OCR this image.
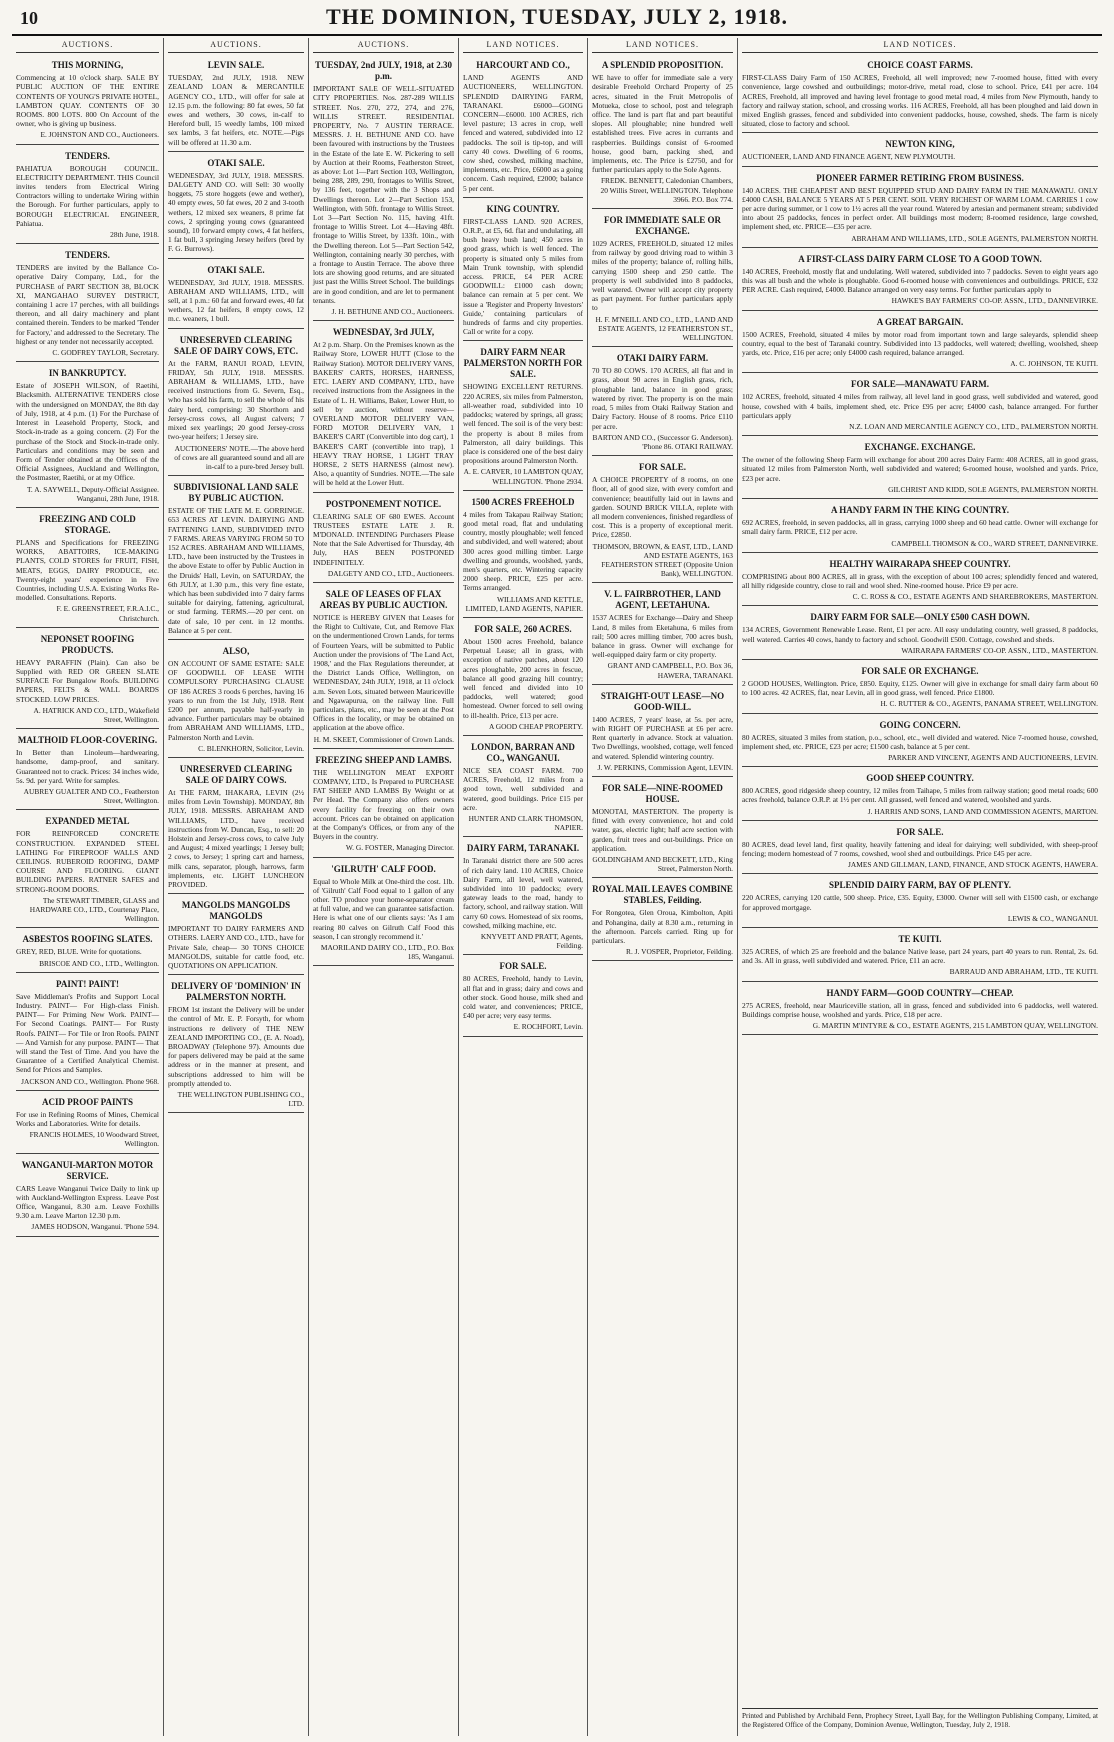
10	THE DOMINION, TUESDAY, JULY 2, 1918.
AUCTIONS.
THIS MORNING,

Commencing at 10 o'clock sharp. SALE BY PUBLIC AUCTION OF THE ENTIRE CONTENTS OF YOUNG'S PRIVATE HOTEL, LAMBTON QUAY. CONTENTS OF 30 ROOMS. 800 LOTS. 800 On Account of the owner, who is giving up business.

E. JOHNSTON AND CO., Auctioneers.
TENDERS.

PAHIATUA BOROUGH COUNCIL. ELECTRICITY DEPARTMENT. THIS Council invites tenders from Electrical Wiring Contractors willing to undertake Wiring within the Borough. For further particulars, apply to BOROUGH ELECTRICAL ENGINEER, Pahiatua.

28th June, 1918.
TENDERS.

TENDERS are invited by the Ballance Co-operative Dairy Company, Ltd., for the PURCHASE of PART SECTION 38, BLOCK XI, MANGAHAO SURVEY DISTRICT, containing 1 acre 17 perches, with all buildings thereon, and all dairy machinery and plant contained therein. Tenders to be marked 'Tender for Factory,' and addressed to the Secretary. The highest or any tender not necessarily accepted.

C. GODFREY TAYLOR, Secretary.
IN BANKRUPTCY.

Estate of JOSEPH WILSON, of Raetihi, Blacksmith. ALTERNATIVE TENDERS close with the undersigned on MONDAY, the 8th day of July, 1918, at 4 p.m. (1) For the Purchase of Interest in Leasehold Property, Stock, and Stock-in-trade as a going concern. (2) For the purchase of the Stock and Stock-in-trade only. Particulars and conditions may be seen and Form of Tender obtained at the Offices of the Official Assignees, Auckland and Wellington, the Postmaster, Raetihi, or at my Office.

T. A. SAYWELL, Deputy-Official Assignee. Wanganui, 28th June, 1918.
FREEZING AND COLD STORAGE.

PLANS and Specifications for FREEZING WORKS, ABATTOIRS, ICE-MAKING PLANTS, COLD STORES for FRUIT, FISH, MEATS, EGGS, DAIRY PRODUCE, etc. Twenty-eight years' experience in Five Countries, including U.S.A. Existing Works Re-modelled. Consultations. Reports.

F. E. GREENSTREET, F.R.A.I.C., Christchurch.
NEPONSET ROOFING PRODUCTS.

HEAVY PARAFFIN (Plain). Can also be Supplied with RED OR GREEN SLATE SURFACE For Bungalow Roofs. BUILDING PAPERS, FELTS & WALL BOARDS STOCKED. LOW PRICES.

A. HATRICK AND CO., LTD., Wakefield Street, Wellington.
MALTHOID FLOOR-COVERING.

In Better than Linoleum—hardwearing, handsome, damp-proof, and sanitary. Guaranteed not to crack. Prices: 34 inches wide, 5s. 9d. per yard. Write for samples.

AUBREY GUALTER AND CO., Featherston Street, Wellington.
EXPANDED METAL

FOR REINFORCED CONCRETE CONSTRUCTION. EXPANDED STEEL LATHING For FIREPROOF WALLS AND CEILINGS. RUBEROID ROOFING, DAMP COURSE AND FLOORING. GIANT BUILDING PAPERS. RATNER SAFES and STRONG-ROOM DOORS.

The STEWART TIMBER, GLASS and HARDWARE CO., LTD., Courtenay Place, Wellington.
ASBESTOS ROOFING SLATES.

GREY, RED, BLUE. Write for quotations.

BRISCOE AND CO., LTD., Wellington.
PAINT! PAINT!

Save Middleman's Profits and Support Local Industry. PAINT— For High-class Finish. PAINT— For Priming New Work. PAINT— For Second Coatings. PAINT— For Rusty Roofs. PAINT— For Tile or Iron Roofs. PAINT— And Varnish for any purpose. PAINT— That will stand the Test of Time. And you have the Guarantee of a Certified Analytical Chemist. Send for Prices and Samples.

JACKSON AND CO., Wellington. Phone 968.
ACID PROOF PAINTS

For use in Refining Rooms of Mines, Chemical Works and Laboratories. Write for details.

FRANCIS HOLMES, 10 Woodward Street, Wellington.
WANGANUI-MARTON MOTOR SERVICE.

CARS Leave Wanganui Twice Daily to link up with Auckland-Wellington Express. Leave Post Office, Wanganui, 8.30 a.m. Leave Foxhills 9.30 a.m. Leave Marton 12.30 p.m.

JAMES HODSON, Wanganui. 'Phone 594.
AUCTIONS.
LEVIN SALE.

TUESDAY, 2nd JULY, 1918. NEW ZEALAND LOAN & MERCANTILE AGENCY CO., LTD., will offer for sale at 12.15 p.m. the following: 80 fat ewes, 50 fat ewes and wethers, 30 cows, in-calf to Hereford bull, 15 weedly lambs, 100 mixed sex lambs, 3 fat heifers, etc. NOTE.—Pigs will be offered at 11.30 a.m.

OTAKI SALE.

WEDNESDAY, 3rd JULY, 1918. MESSRS. DALGETY AND CO. will Sell: 30 woolly hoggets, 75 store hoggets (ewe and wether), 40 empty ewes, 50 fat ewes, 20 2 and 3-tooth wethers, 12 mixed sex weaners, 8 prime fat cows, 2 springing young cows (guaranteed sound), 10 forward empty cows, 4 fat heifers, 1 fat bull, 3 springing Jersey heifers (bred by F. G. Burrows).

OTAKI SALE.

WEDNESDAY, 3rd JULY, 1918. MESSRS. ABRAHAM AND WILLIAMS, LTD., will sell, at 1 p.m.: 60 fat and forward ewes, 40 fat wethers, 12 fat heifers, 8 empty cows, 12 m.c. weaners, 1 bull.

UNRESERVED CLEARING SALE OF DAIRY COWS, ETC.

At the FARM, RANUI ROAD, LEVIN, FRIDAY, 5th JULY, 1918. MESSRS. ABRAHAM & WILLIAMS, LTD., have received instructions from G. Severn, Esq., who has sold his farm, to sell the whole of his dairy herd, comprising: 30 Shorthorn and Jersey-cross cows, all August calvers; 7 mixed sex yearlings; 20 good Jersey-cross two-year heifers; 1 Jersey sire.

AUCTIONEERS' NOTE.—The above herd of cows are all guaranteed sound and all are in-calf to a pure-bred Jersey bull.
SUBDIVISIONAL LAND SALE BY PUBLIC AUCTION.

ESTATE OF THE LATE M. E. GORRINGE. 653 ACRES AT LEVIN. DAIRYING AND FATTENING LAND, SUBDIVIDED INTO 7 FARMS. AREAS VARYING FROM 50 TO 152 ACRES. ABRAHAM AND WILLIAMS, LTD., have been instructed by the Trustees in the above Estate to offer by Public Auction in the Druids' Hall, Levin, on SATURDAY, the 6th JULY, at 1.30 p.m., this very fine estate, which has been subdivided into 7 dairy farms suitable for dairying, fattening, agricultural, or stud farming. TERMS.—20 per cent. on date of sale, 10 per cent. in 12 months. Balance at 5 per cent.

ALSO,

ON ACCOUNT OF SAME ESTATE: SALE OF GOODWILL OF LEASE WITH COMPULSORY PURCHASING CLAUSE OF 186 ACRES 3 roods 6 perches, having 16 years to run from the 1st July, 1918. Rent £200 per annum, payable half-yearly in advance. Further particulars may be obtained from ABRAHAM AND WILLIAMS, LTD., Palmerston North and Levin.

C. BLENKHORN, Solicitor, Levin.
UNRESERVED CLEARING SALE OF DAIRY COWS.

At THE FARM, IHAKARA, LEVIN (2½ miles from Levin Township). MONDAY, 8th JULY, 1918. MESSRS. ABRAHAM AND WILLIAMS, LTD., have received instructions from W. Duncan, Esq., to sell: 20 Holstein and Jersey-cross cows, to calve July and August; 4 mixed yearlings; 1 Jersey bull; 2 cows, to Jersey; 1 spring cart and harness, milk cans, separator, plough, harrows, farm implements, etc. LIGHT LUNCHEON PROVIDED.

MANGOLDS MANGOLDS MANGOLDS

IMPORTANT TO DAIRY FARMERS AND OTHERS. LAERY AND CO., LTD., have for Private Sale, cheap— 30 TONS CHOICE MANGOLDS, suitable for cattle food, etc. QUOTATIONS ON APPLICATION.

DELIVERY OF 'DOMINION' IN PALMERSTON NORTH.

FROM 1st instant the Delivery will be under the control of Mr. E. P. Forsyth, for whom instructions re delivery of THE NEW ZEALAND IMPORTING CO., (E. A. Noad), BROADWAY (Telephone 97). Amounts due for papers delivered may be paid at the same address or in the manner at present, and subscriptions addressed to him will be promptly attended to.

THE WELLINGTON PUBLISHING CO., LTD.
AUCTIONS.
TUESDAY, 2nd JULY, 1918, at 2.30 p.m.

IMPORTANT SALE OF WELL-SITUATED CITY PROPERTIES. Nos. 287-289 WILLIS STREET. Nos. 270, 272, 274, and 276, WILLIS STREET. RESIDENTIAL PROPERTY, No. 7 AUSTIN TERRACE. MESSRS. J. H. BETHUNE AND CO. have been favoured with instructions by the Trustees in the Estate of the late E. W. Pickering to sell by Auction at their Rooms, Featherston Street, as above: Lot 1—Part Section 103, Wellington, being 288, 289, 290, frontages to Willis Street, by 136 feet, together with the 3 Shops and Dwellings thereon. Lot 2—Part Section 153, Wellington, with 50ft. frontage to Willis Street. Lot 3—Part Section No. 115, having 41ft. frontage to Willis Street. Lot 4—Having 48ft. frontage to Willis Street, by 133ft. 10in., with the Dwelling thereon. Lot 5—Part Section 542, Wellington, containing nearly 30 perches, with a frontage to Austin Terrace. The above three lots are showing good returns, and are situated just past the Willis Street School. The buildings are in good condition, and are let to permanent tenants.

J. H. BETHUNE AND CO., Auctioneers.
WEDNESDAY, 3rd JULY,

At 2 p.m. Sharp. On the Premises known as the Railway Store, LOWER HUTT (Close to the Railway Station). MOTOR DELIVERY VANS, BAKERS' CARTS, HORSES, HARNESS, ETC. LAERY AND COMPANY, LTD., have received instructions from the Assignees in the Estate of L. H. Williams, Baker, Lower Hutt, to sell by auction, without reserve— OVERLAND MOTOR DELIVERY VAN, FORD MOTOR DELIVERY VAN, 1 BAKER'S CART (Convertible into dog cart), 1 BAKER'S CART (convertible into trap), 1 HEAVY TRAY HORSE, 1 LIGHT TRAY HORSE, 2 SETS HARNESS (almost new). Also, a quantity of Sundries. NOTE.—The sale will be held at the Lower Hutt.

POSTPONEMENT NOTICE.

CLEARING SALE OF 680 EWES. Account TRUSTEES ESTATE LATE J. R. M'DONALD. INTENDING Purchasers Please Note that the Sale Advertised for Thursday, 4th July, HAS BEEN POSTPONED INDEFINITELY.

DALGETY AND CO., LTD., Auctioneers.
SALE OF LEASES OF FLAX AREAS BY PUBLIC AUCTION.

NOTICE is HEREBY GIVEN that Leases for the Right to Cultivate, Cut, and Remove Flax on the undermentioned Crown Lands, for terms of Fourteen Years, will be submitted to Public Auction under the provisions of 'The Land Act, 1908,' and the Flax Regulations thereunder, at the District Lands Office, Wellington, on WEDNESDAY, 24th JULY, 1918, at 11 o'clock a.m. Seven Lots, situated between Mauriceville and Ngawapurua, on the railway line. Full particulars, plans, etc., may be seen at the Post Offices in the locality, or may be obtained on application at the above office.

H. M. SKEET, Commissioner of Crown Lands.
FREEZING SHEEP AND LAMBS.

THE WELLINGTON MEAT EXPORT COMPANY, LTD., Is Prepared to PURCHASE FAT SHEEP AND LAMBS By Weight or at Per Head. The Company also offers owners every facility for freezing on their own account. Prices can be obtained on application at the Company's Offices, or from any of the Buyers in the country.

W. G. FOSTER, Managing Director.
'GILRUTH' CALF FOOD.

Equal to Whole Milk at One-third the cost. 1lb. of 'Gilruth' Calf Food equal to 1 gallon of any other. TO produce your home-separator cream at full value, and we can guarantee satisfaction. Here is what one of our clients says: 'As I am rearing 80 calves on Gilruth Calf Food this season, I can strongly recommend it.'

MAORILAND DAIRY CO., LTD., P.O. Box 185, Wanganui.
LAND NOTICES.
HARCOURT AND CO.,

LAND AGENTS AND AUCTIONEERS, WELLINGTON. SPLENDID DAIRYING FARM, TARANAKI. £6000—GOING CONCERN—£6000. 100 ACRES, rich level pasture; 13 acres in crop, well fenced and watered, subdivided into 12 paddocks. The soil is tip-top, and will carry 40 cows. Dwelling of 6 rooms, cow shed, cowshed, milking machine, implements, etc. Price, £6000 as a going concern. Cash required, £2000; balance 5 per cent.

KING COUNTRY.

FIRST-CLASS LAND. 920 ACRES, O.R.P., at £5, 6d. flat and undulating, all bush heavy bush land; 450 acres in good grass, which is well fenced. The property is situated only 5 miles from Main Trunk township, with splendid access. PRICE, £4 PER ACRE GOODWILL: £1000 cash down; balance can remain at 5 per cent. We issue a 'Register and Property Investors' Guide,' containing particulars of hundreds of farms and city properties. Call or write for a copy.

DAIRY FARM NEAR PALMERSTON NORTH FOR SALE.

SHOWING EXCELLENT RETURNS. 220 ACRES, six miles from Palmerston, all-weather road, subdivided into 10 paddocks; watered by springs, all grass; well fenced. The soil is of the very best: the property is about 8 miles from Palmerston, all dairy buildings. This place is considered one of the best dairy propositions around Palmerston North.

A. E. CARVER, 10 LAMBTON QUAY, WELLINGTON. 'Phone 2934.
1500 ACRES FREEHOLD

4 miles from Takapau Railway Station; good metal road, flat and undulating country, mostly ploughable; well fenced and subdivided, and well watered; about 300 acres good milling timber. Large dwelling and grounds, woolshed, yards, men's quarters, etc. Wintering capacity 2000 sheep. PRICE, £25 per acre. Terms arranged.

WILLIAMS AND KETTLE, LIMITED, LAND AGENTS, NAPIER.
FOR SALE, 260 ACRES.

About 1500 acres Freehold, balance Perpetual Lease; all in grass, with exception of native patches, about 120 acres ploughable, 200 acres in fescue, balance all good grazing hill country; well fenced and divided into 10 paddocks, well watered; good homestead. Owner forced to sell owing to ill-health. Price, £13 per acre.

A GOOD CHEAP PROPERTY.
LONDON, BARRAN AND CO., WANGANUI.

NICE SEA COAST FARM. 700 ACRES, Freehold, 12 miles from a good town, well subdivided and watered, good buildings. Price £15 per acre.

HUNTER AND CLARK THOMSON, NAPIER.
DAIRY FARM, TARANAKI.

In Taranaki district there are 500 acres of rich dairy land. 110 ACRES, Choice Dairy Farm, all level, well watered, subdivided into 10 paddocks; every gateway leads to the road, handy to factory, school, and railway station. Will carry 60 cows. Homestead of six rooms, cowshed, milking machine, etc.

KNYVETT AND PRATT, Agents, Feilding.
FOR SALE.

80 ACRES, Freehold, handy to Levin, all flat and in grass; dairy and cows and other stock. Good house, milk shed and cold water, and conveniences; PRICE, £40 per acre; very easy terms.

E. ROCHFORT, Levin.
LAND NOTICES.
A SPLENDID PROPOSITION.

WE have to offer for immediate sale a very desirable Freehold Orchard Property of 25 acres, situated in the Fruit Metropolis of Motueka, close to school, post and telegraph office. The land is part flat and part beautiful slopes. All ploughable; nine hundred well established trees. Five acres in currants and raspberries. Buildings consist of 6-roomed house, good barn, packing shed, and implements, etc. The Price is £2750, and for further particulars apply to the Sole Agents.

FREDK. BENNETT, Caledonian Chambers, 20 Willis Street, WELLINGTON. Telephone 3966. P.O. Box 774.
FOR IMMEDIATE SALE OR EXCHANGE.

1029 ACRES, FREEHOLD, situated 12 miles from railway by good driving road to within 3 miles of the property; balance of, rolling hills, carrying 1500 sheep and 250 cattle. The property is well subdivided into 8 paddocks, well watered. Owner will accept city property as part payment. For further particulars apply to

H. F. M'NEILL AND CO., LTD., LAND AND ESTATE AGENTS, 12 FEATHERSTON ST., WELLINGTON.
OTAKI DAIRY FARM.

70 TO 80 COWS. 170 ACRES, all flat and in grass, about 90 acres in English grass, rich, ploughable land, balance in good grass; watered by river. The property is on the main road, 5 miles from Otaki Railway Station and Dairy Factory. House of 8 rooms. Price £110 per acre.

BARTON AND CO., (Successor G. Anderson). 'Phone 86. OTAKI RAILWAY.
FOR SALE.

A CHOICE PROPERTY of 8 rooms, on one floor, all of good size, with every comfort and convenience; beautifully laid out in lawns and garden. SOUND BRICK VILLA, replete with all modern conveniences, finished regardless of cost. This is a property of exceptional merit. Price, £2850.

THOMSON, BROWN, & EAST, LTD., LAND AND ESTATE AGENTS, 163 FEATHERSTON STREET (Opposite Union Bank), WELLINGTON.
V. L. FAIRBROTHER, LAND AGENT, LEETAHUNA.

1537 ACRES for Exchange—Dairy and Sheep Land, 8 miles from Eketahuna, 6 miles from rail; 500 acres milling timber, 700 acres bush, balance in grass. Owner will exchange for well-equipped dairy farm or city property.

GRANT AND CAMPBELL, P.O. Box 36, HAWERA, TARANAKI.
STRAIGHT-OUT LEASE—NO GOOD-WILL.

1400 ACRES, 7 years' lease, at 5s. per acre, with RIGHT OF PURCHASE at £6 per acre. Rent quarterly in advance. Stock at valuation. Two Dwellings, woolshed, cottage, well fenced and watered. Splendid wintering country.

J. W. PERKINS, Commission Agent, LEVIN.
FOR SALE—NINE-ROOMED HOUSE.

MONOTAI, MASTERTON. The property is fitted with every convenience, hot and cold water, gas, electric light; half acre section with garden, fruit trees and out-buildings. Price on application.

GOLDINGHAM AND BECKETT, LTD., King Street, Palmerston North.
ROYAL MAIL LEAVES COMBINE STABLES, Feilding.

For Rongotea, Glen Oroua, Kimbolton, Apiti and Pohangina, daily at 8.30 a.m., returning in the afternoon. Parcels carried. Ring up for particulars.

R. J. VOSPER, Proprietor, Feilding.
LAND NOTICES.
CHOICE COAST FARMS.

FIRST-CLASS Dairy Farm of 150 ACRES, Freehold, all well improved; new 7-roomed house, fitted with every convenience, large cowshed and outbuildings; motor-drive, metal road, close to school. Price, £41 per acre. 104 ACRES, Freehold, all improved and having level frontage to good metal road, 4 miles from New Plymouth, handy to factory and railway station, school, and crossing works. 116 ACRES, Freehold, all has been ploughed and laid down in mixed English grasses, fenced and subdivided into convenient paddocks, house, cowshed, sheds. The farm is nicely situated, close to factory and school.

NEWTON KING,

AUCTIONEER, LAND AND FINANCE AGENT, NEW PLYMOUTH.

PIONEER FARMER RETIRING FROM BUSINESS.

140 ACRES. THE CHEAPEST AND BEST EQUIPPED STUD AND DAIRY FARM IN THE MANAWATU. ONLY £4000 CASH, BALANCE 5 YEARS AT 5 PER CENT. SOIL VERY RICHEST OF WARM LOAM. CARRIES 1 cow per acre during summer, or 1 cow to 1½ acres all the year round. Watered by artesian and permanent stream; subdivided into about 25 paddocks, fences in perfect order. All buildings most modern; 8-roomed residence, large cowshed, implement shed, etc. PRICE—£35 per acre.

ABRAHAM AND WILLIAMS, LTD., SOLE AGENTS, PALMERSTON NORTH.
A FIRST-CLASS DAIRY FARM CLOSE TO A GOOD TOWN.

140 ACRES, Freehold, mostly flat and undulating. Well watered, subdivided into 7 paddocks. Seven to eight years ago this was all bush and the whole is ploughable. Good 6-roomed house with conveniences and outbuildings. PRICE, £32 PER ACRE. Cash required, £4000. Balance arranged on very easy terms. For further particulars apply to

HAWKE'S BAY FARMERS' CO-OP. ASSN., LTD., DANNEVIRKE.
A GREAT BARGAIN.

1500 ACRES, Freehold, situated 4 miles by motor road from important town and large saleyards, splendid sheep country, equal to the best of Taranaki country. Subdivided into 13 paddocks, well watered; dwelling, woolshed, sheep yards, etc. Price, £16 per acre; only £4000 cash required, balance arranged.

A. C. JOHNSON, TE KUITI.
FOR SALE—MANAWATU FARM.

102 ACRES, freehold, situated 4 miles from railway, all level land in good grass, well subdivided and watered, good house, cowshed with 4 bails, implement shed, etc. Price £95 per acre; £4000 cash, balance arranged. For further particulars apply

N.Z. LOAN AND MERCANTILE AGENCY CO., LTD., PALMERSTON NORTH.
EXCHANGE. EXCHANGE.

The owner of the following Sheep Farm will exchange for about 200 acres Dairy Farm: 408 ACRES, all in good grass, situated 12 miles from Palmerston North, well subdivided and watered; 6-roomed house, woolshed and yards. Price, £23 per acre.

GILCHRIST AND KIDD, SOLE AGENTS, PALMERSTON NORTH.
A HANDY FARM IN THE KING COUNTRY.

692 ACRES, freehold, in seven paddocks, all in grass, carrying 1000 sheep and 60 head cattle. Owner will exchange for small dairy farm. PRICE, £12 per acre.

CAMPBELL THOMSON & CO., WARD STREET, DANNEVIRKE.
HEALTHY WAIRARAPA SHEEP COUNTRY.

COMPRISING about 800 ACRES, all in grass, with the exception of about 100 acres; splendidly fenced and watered, all hilly ridgeside country, close to rail and wool shed. Nine-roomed house. Price £9 per acre.

C. C. ROSS & CO., ESTATE AGENTS AND SHAREBROKERS, MASTERTON.
DAIRY FARM FOR SALE—ONLY £500 CASH DOWN.

134 ACRES, Government Renewable Lease. Rent, £1 per acre. All easy undulating country, well grassed, 8 paddocks, well watered. Carries 40 cows, handy to factory and school. Goodwill £500. Cottage, cowshed and sheds.

WAIRARAPA FARMERS' CO-OP. ASSN., LTD., MASTERTON.
FOR SALE OR EXCHANGE.

2 GOOD HOUSES, Wellington. Price, £850. Equity, £125. Owner will give in exchange for small dairy farm about 60 to 100 acres. 42 ACRES, flat, near Levin, all in good grass, well fenced. Price £1800.

H. C. RUTTER & CO., AGENTS, PANAMA STREET, WELLINGTON.
GOING CONCERN.

80 ACRES, situated 3 miles from station, p.o., school, etc., well divided and watered. Nice 7-roomed house, cowshed, implement shed, etc. PRICE, £23 per acre; £1500 cash, balance at 5 per cent.

PARKER AND VINCENT, AGENTS AND AUCTIONEERS, LEVIN.
GOOD SHEEP COUNTRY.

800 ACRES, good ridgeside sheep country, 12 miles from Taihape, 5 miles from railway station; good metal roads; 600 acres freehold, balance O.R.P. at 1½ per cent. All grassed, well fenced and watered, woolshed and yards.

J. HARRIS AND SONS, LAND AND COMMISSION AGENTS, MARTON.
FOR SALE.

80 ACRES, dead level land, first quality, heavily fattening and ideal for dairying; well subdivided, with sheep-proof fencing; modern homestead of 7 rooms, cowshed, wool shed and outbuildings. Price £45 per acre.

JAMES AND GILLMAN, LAND, FINANCE, AND STOCK AGENTS, HAWERA.
SPLENDID DAIRY FARM, BAY OF PLENTY.

220 ACRES, carrying 120 cattle, 500 sheep. Price, £35. Equity, £3000. Owner will sell with £1500 cash, or exchange for approved mortgage.

LEWIS & CO., WANGANUI.
TE KUITI.

325 ACRES, of which 25 are freehold and the balance Native lease, part 24 years, part 40 years to run. Rental, 2s. 6d. and 3s. All in grass, well subdivided and watered. Price, £11 an acre.

BARRAUD AND ABRAHAM, LTD., TE KUITI.
HANDY FARM—GOOD COUNTRY—CHEAP.

275 ACRES, freehold, near Mauriceville station, all in grass, fenced and subdivided into 6 paddocks, well watered. Buildings comprise house, woolshed and yards. Price, £18 per acre.

G. MARTIN M'INTYRE & CO., ESTATE AGENTS, 215 LAMBTON QUAY, WELLINGTON.
Printed and Published by Archibald Fenn, Prophecy Street, Lyall Bay, for the Wellington Publishing Company, Limited, at the Registered Office of the Company, Dominion Avenue, Wellington, Tuesday, July 2, 1918.
